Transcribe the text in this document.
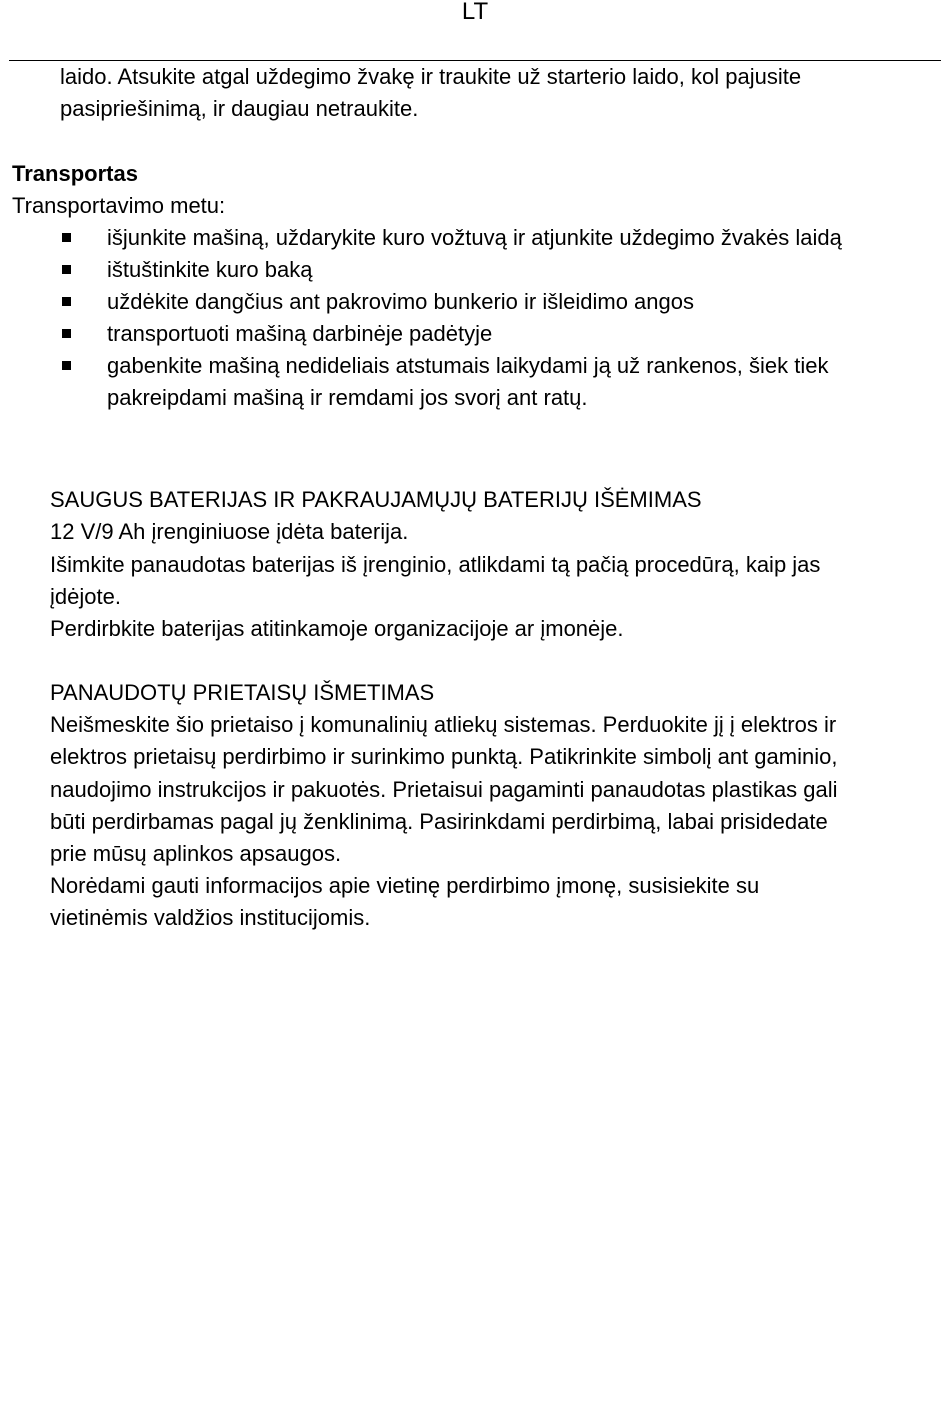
LT
laido. Atsukite atgal uždegimo žvakę ir traukite už starterio laido, kol pajusite
pasipriešinimą, ir daugiau netraukite.
Transportas
Transportavimo metu:
išjunkite mašiną, uždarykite kuro vožtuvą ir atjunkite uždegimo žvakės laidą
ištuštinkite kuro baką
uždėkite dangčius ant pakrovimo bunkerio ir išleidimo angos
transportuoti mašiną darbinėje padėtyje
gabenkite mašiną nedideliais atstumais laikydami ją už rankenos, šiek tiek
pakreipdami mašiną ir remdami jos svorį ant ratų.
SAUGUS BATERIJAS IR PAKRAUJAMŲJŲ BATERIJŲ IŠĖMIMAS
12 V/9 Ah įrenginiuose įdėta baterija.
Išimkite panaudotas baterijas iš įrenginio, atlikdami tą pačią procedūrą, kaip jas
įdėjote.
Perdirbkite baterijas atitinkamoje organizacijoje ar įmonėje.
PANAUDOTŲ PRIETAISŲ IŠMETIMAS
Neišmeskite šio prietaiso į komunalinių atliekų sistemas. Perduokite jį į elektros ir
elektros prietaisų perdirbimo ir surinkimo punktą. Patikrinkite simbolį ant gaminio,
naudojimo instrukcijos ir pakuotės. Prietaisui pagaminti panaudotas plastikas gali
būti perdirbamas pagal jų ženklinimą. Pasirinkdami perdirbimą, labai prisidedate
prie mūsų aplinkos apsaugos.
Norėdami gauti informacijos apie vietinę perdirbimo įmonę, susisiekite su
vietinėmis valdžios institucijomis.
